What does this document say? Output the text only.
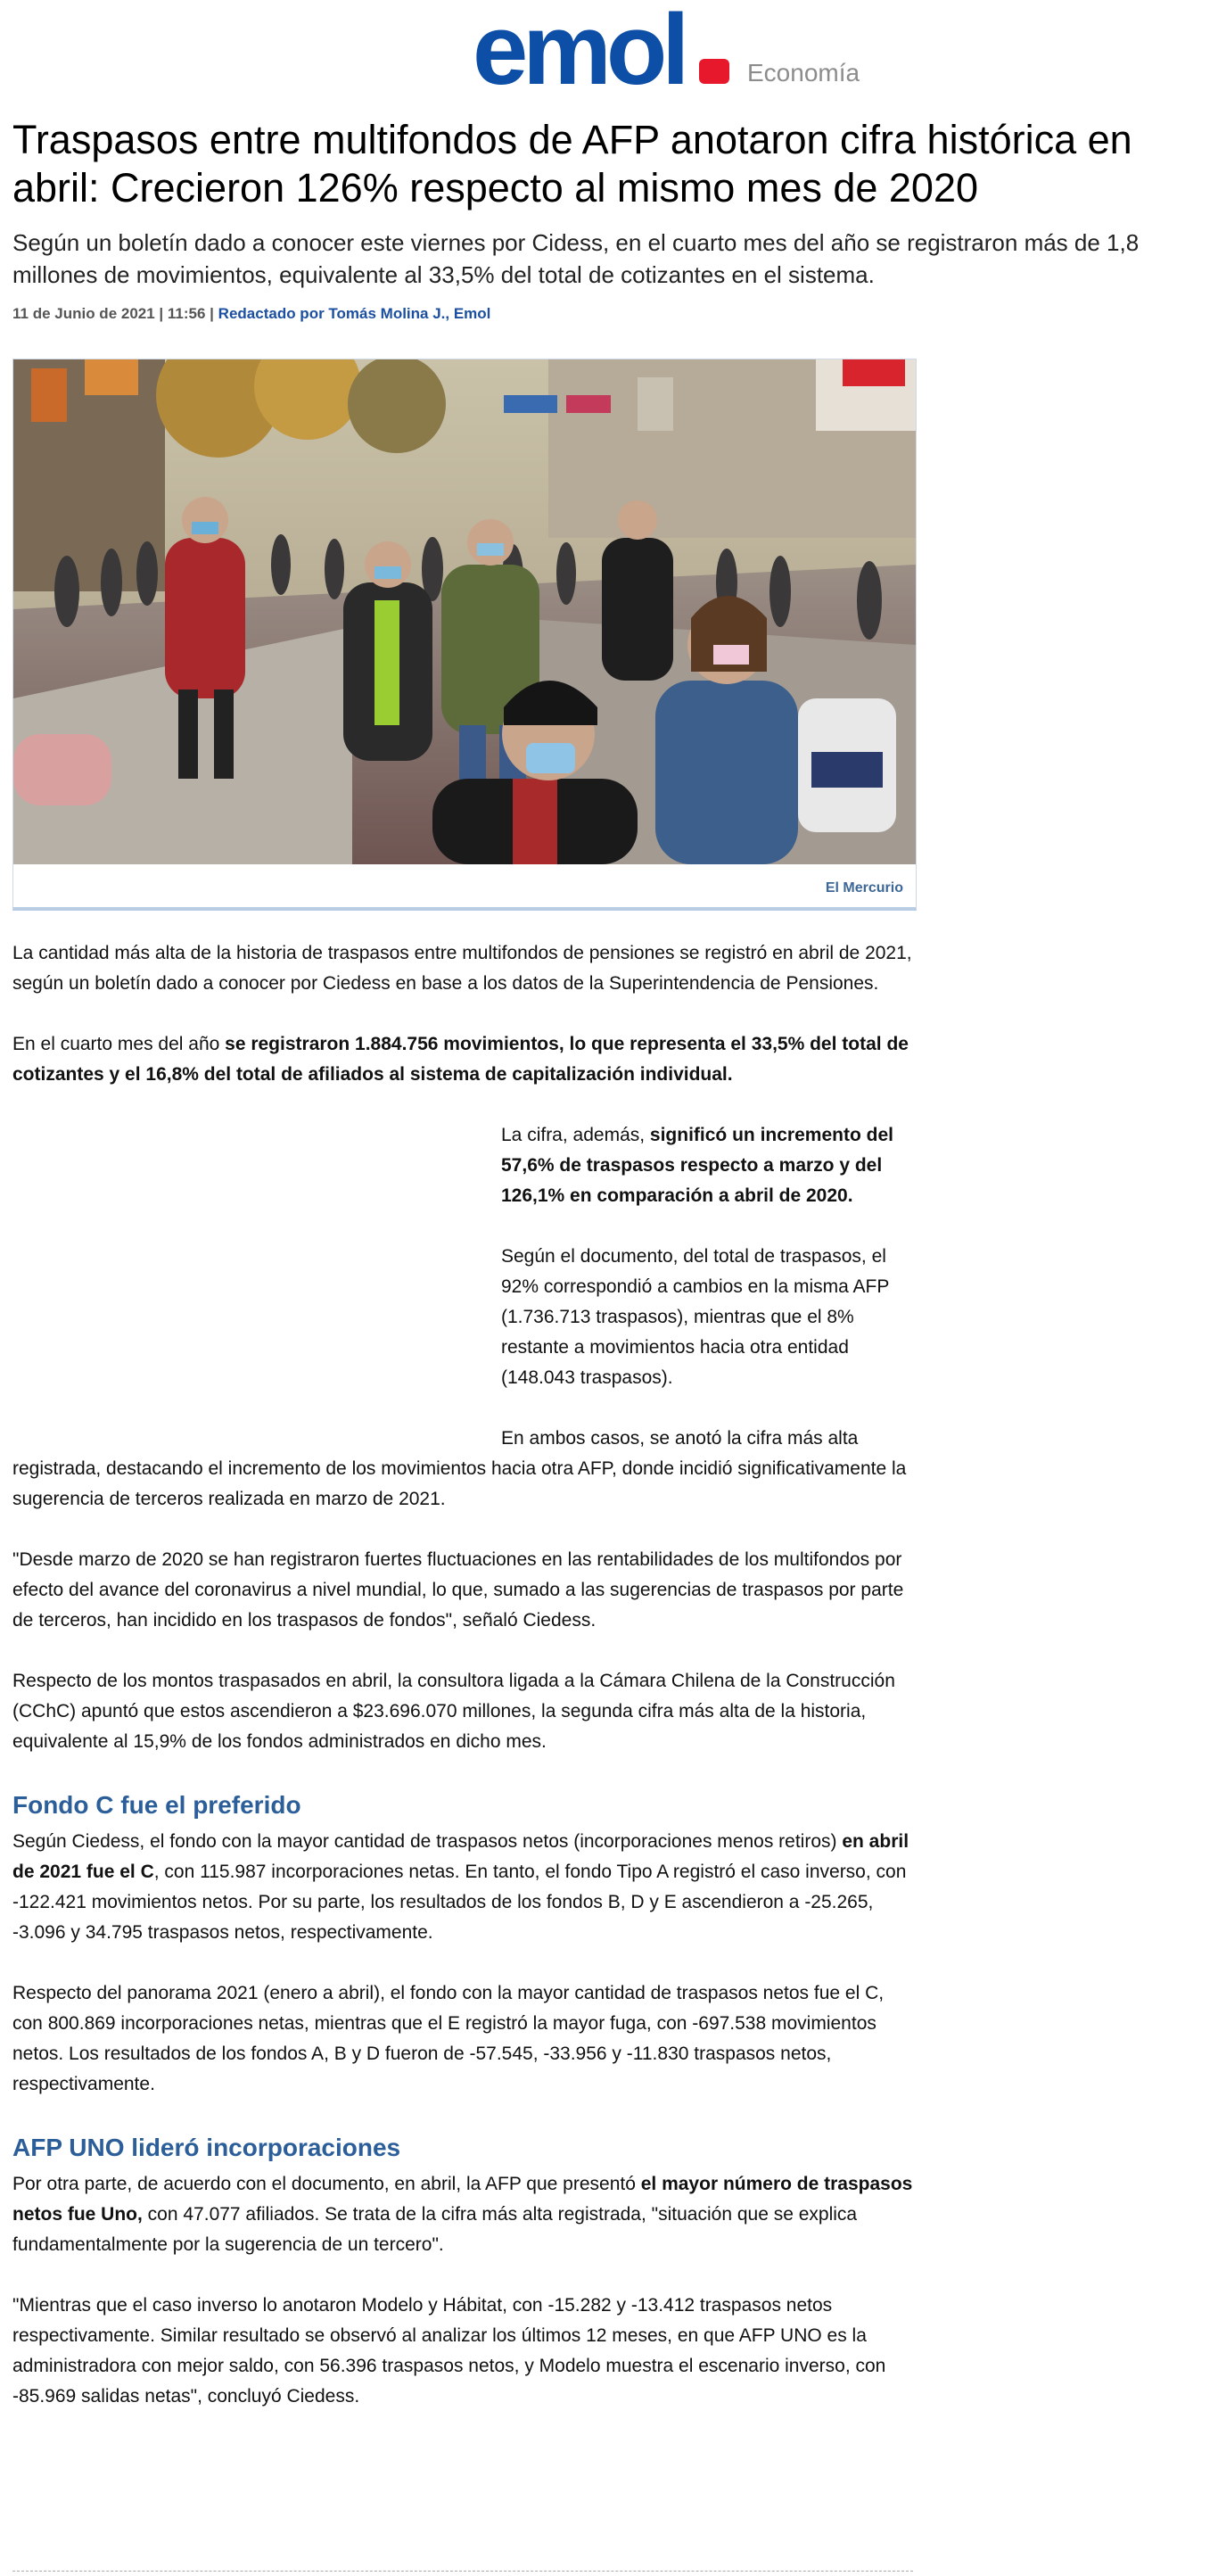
emol	Economía
Traspasos entre multifondos de AFP anotaron cifra histórica en abril: Crecieron 126% respecto al mismo mes de 2020

Según un boletín dado a conocer este viernes por Cidess, en el cuarto mes del año se registraron más de 1,8 millones de movimientos, equivalente al 33,5% del total de cotizantes en el sistema.

11 de Junio de 2021 | 11:56 | Redactado por Tomás Molina J., Emol
El Mercurio

La cantidad más alta de la historia de traspasos entre multifondos de pensiones se registró en abril de 2021, según un boletín dado a conocer por Ciedess en base a los datos de la Superintendencia de Pensiones.

En el cuarto mes del año se registraron 1.884.756 movimientos, lo que representa el 33,5% del total de cotizantes y el 16,8% del total de afiliados al sistema de capitalización individual.

La cifra, además, significó un incremento del 57,6% de traspasos respecto a marzo y del 126,1% en comparación a abril de 2020.

Según el documento, del total de traspasos, el 92% correspondió a cambios en la misma AFP (1.736.713 traspasos), mientras que el 8% restante a movimientos hacia otra entidad (148.043 traspasos).

En ambos casos, se anotó la cifra más alta registrada, destacando el incremento de los movimientos hacia otra AFP, donde incidió significativamente la sugerencia de terceros realizada en marzo de 2021.

"Desde marzo de 2020 se han registraron fuertes fluctuaciones en las rentabilidades de los multifondos por efecto del avance del coronavirus a nivel mundial, lo que, sumado a las sugerencias de traspasos por parte de terceros, han incidido en los traspasos de fondos", señaló Ciedess.

Respecto de los montos traspasados en abril, la consultora ligada a la Cámara Chilena de la Construcción (CChC) apuntó que estos ascendieron a $23.696.070 millones, la segunda cifra más alta de la historia, equivalente al 15,9% de los fondos administrados en dicho mes.

Fondo C fue el preferido

Según Ciedess, el fondo con la mayor cantidad de traspasos netos (incorporaciones menos retiros) en abril de 2021 fue el C, con 115.987 incorporaciones netas. En tanto, el fondo Tipo A registró el caso inverso, con -122.421 movimientos netos. Por su parte, los resultados de los fondos B, D y E ascendieron a -25.265, -3.096 y 34.795 traspasos netos, respectivamente.

Respecto del panorama 2021 (enero a abril), el fondo con la mayor cantidad de traspasos netos fue el C, con 800.869 incorporaciones netas, mientras que el E registró la mayor fuga, con -697.538 movimientos netos. Los resultados de los fondos A, B y D fueron de -57.545, -33.956 y -11.830 traspasos netos, respectivamente.

AFP UNO lideró incorporaciones

Por otra parte, de acuerdo con el documento, en abril, la AFP que presentó el mayor número de traspasos netos fue Uno, con 47.077 afiliados. Se trata de la cifra más alta registrada, "situación que se explica fundamentalmente por la sugerencia de un tercero".

"Mientras que el caso inverso lo anotaron Modelo y Hábitat, con -15.282 y -13.412 traspasos netos respectivamente. Similar resultado se observó al analizar los últimos 12 meses, en que AFP UNO es la administradora con mejor saldo, con 56.396 traspasos netos, y Modelo muestra el escenario inverso, con -85.969 salidas netas", concluyó Ciedess.
